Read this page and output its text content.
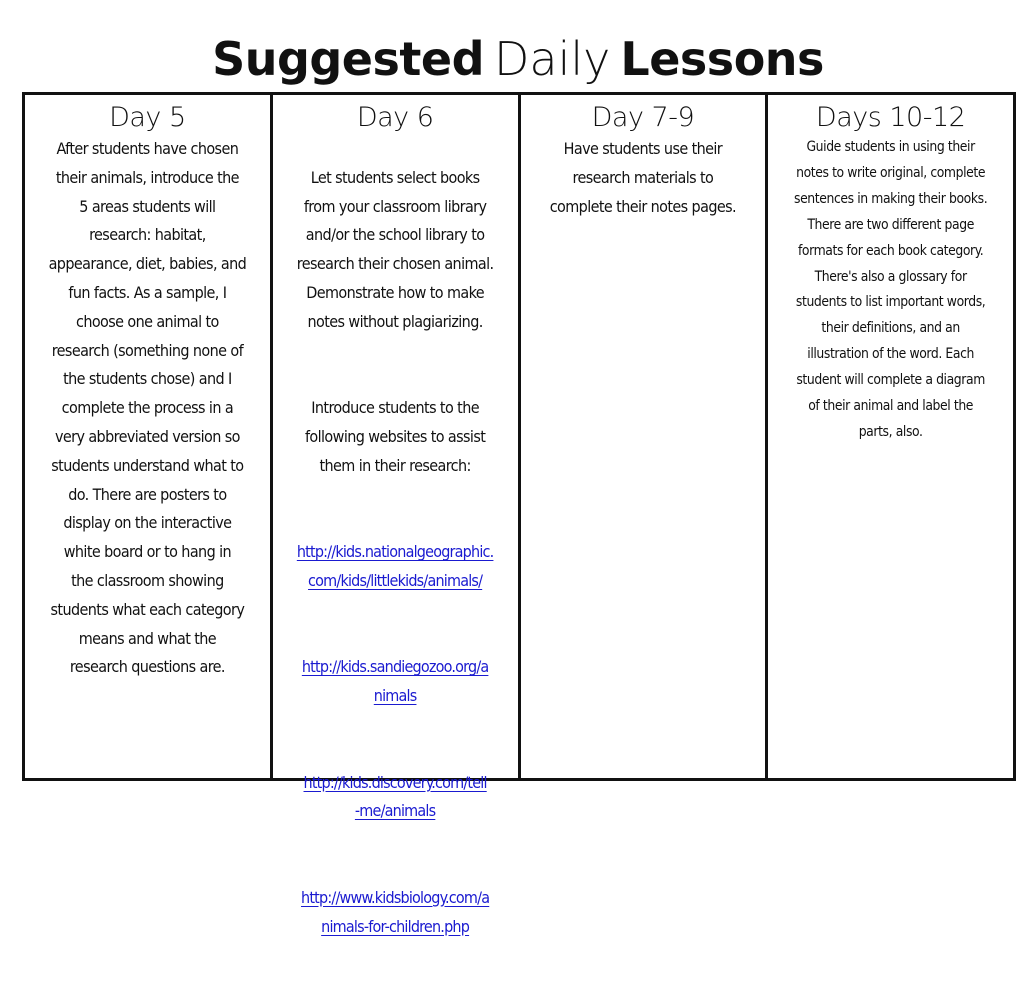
Suggested Daily Lessons
Day 5
After students have chosen
their animals, introduce the
5 areas students will
research: habitat,
appearance, diet, babies, and
fun facts. As a sample, I
choose one animal to
research (something none of
the students chose) and I
complete the process in a
very abbreviated version so
students understand what to
do. There are posters to
display on the interactive
white board or to hang in
the classroom showing
students what each category
means and what the
research questions are.
Day 6

Let students select books
from your classroom library
and/or the school library to
research their chosen animal.
Demonstrate how to make
notes without plagiarizing.

Introduce students to the
following websites to assist
them in their research:

http://kids.nationalgeographic.
com/kids/littlekids/animals/

http://kids.sandiegozoo.org/a
nimals

http://kids.discovery.com/tell
-me/animals

http://www.kidsbiology.com/a
nimals-for-children.php

Day 7-9
Have students use their
research materials to
complete their notes pages.
Days 10-12
Guide students in using their
notes to write original, complete
sentences in making their books.
There are two different page
formats for each book category.
There's also a glossary for
students to list important words,
their definitions, and an
illustration of the word. Each
student will complete a diagram
of their animal and label the
parts, also.
